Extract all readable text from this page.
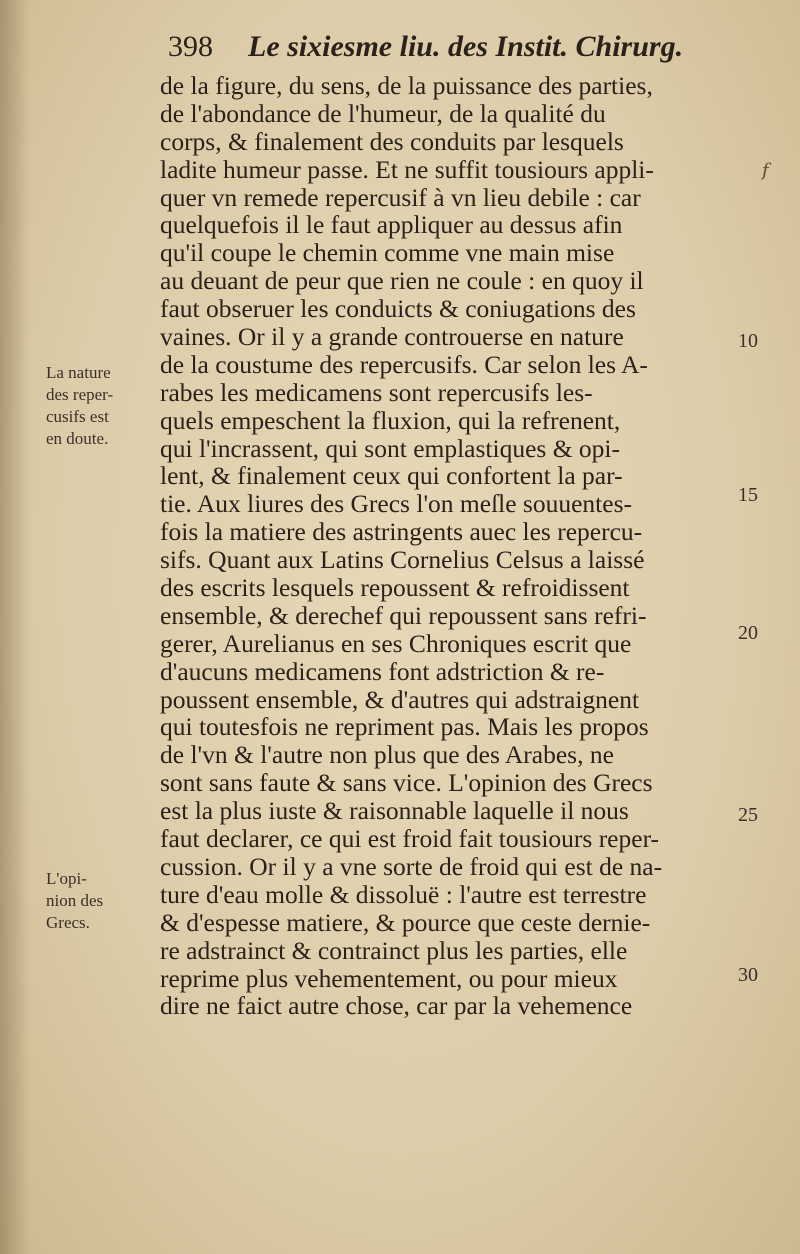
398 Le sixiesme liu. des Instit. Chirurg.
de la figure, du sens, de la puissance des parties,
de l'abondance de l'humeur, de la qualité du
corps, & finalement des conduits par lesquels
ladite humeur passe. Et ne suffit tousiours appli-
quer vn remede repercusif à vn lieu debile : car
quelquefois il le faut appliquer au dessus afin
qu'il coupe le chemin comme vne main mise
au deuant de peur que rien ne coule : en quoy il
faut obseruer les conduicts & coniugations des
vaines. Or il y a grande controuerse en nature
de la coustume des repercusifs. Car selon les A-
rabes les medicamens sont repercusifs les-
quels empeschent la fluxion, qui la refrenent,
qui l'incrassent, qui sont emplastiques & opi-
lent, & finalement ceux qui confortent la par-
tie. Aux liures des Grecs l'on meſle souuentes-
fois la matiere des astringents auec les repercu-
sifs. Quant aux Latins Cornelius Celsus a laissé
des escrits lesquels repoussent & refroidissent
ensemble, & derechef qui repoussent sans refri-
gerer, Aurelianus en ses Chroniques escrit que
d'aucuns medicamens font adstriction & re-
poussent ensemble, & d'autres qui adstraignent
qui toutesfois ne repriment pas. Mais les propos
de l'vn & l'autre non plus que des Arabes, ne
sont sans faute & sans vice. L'opinion des Grecs
est la plus iuste & raisonnable laquelle il nous
faut declarer, ce qui est froid fait tousiours reper-
cussion. Or il y a vne sorte de froid qui est de na-
ture d'eau molle & dissoluë : l'autre est terrestre
& d'espesse matiere, & pource que ceste dernie-
re adstrainct & contrainct plus les parties, elle
reprime plus vehementement, ou pour mieux
dire ne faict autre chose, car par la vehemence
La nature
des reper-
cusifs est
en doute.
L'opi-
nion des
Grecs.
10
15
20
25
30
f
